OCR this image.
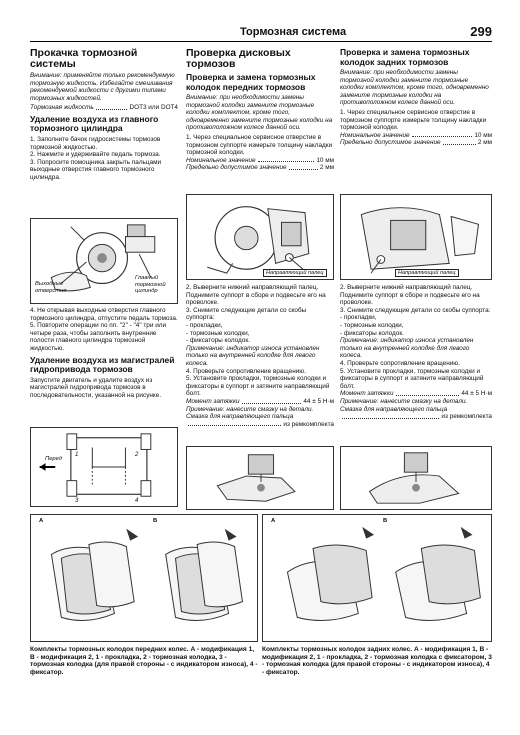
Тормозная система	299
Прокачка тормозной системы

Внимание: применяйте только рекомендуемую тормозную жидкость. Избегайте смешивания рекомендуемой жидкости с другими типами тормозных жидкостей.

Тормозная жидкость	DOT3 или DOT4
Удаление воздуха из главного тормозного цилиндра

1. Заполните бачок гидросистемы тормозов тормозной жидкостью.

2. Нажмите и удерживайте педаль тормоза.

3. Попросите помощника закрыть пальцами выходные отверстия главного тормозного цилиндра.

Выходные отверстия
Главный тормозной цилиндр

4. Не открывая выходные отверстия главного тормозного цилиндра, отпустите педаль тормоза.

5. Повторите операции по пп. "2" - "4" три или четыре раза, чтобы заполнить внутренние полости главного цилиндра тормозной жидкостью.

Удаление воздуха из магистралей гидропривода тормозов

Запустите двигатель и удалите воздух из магистралей гидропривода тормозов в последовательности, указанной на рисунке.

Перед
1	2
3	4
Проверка дисковых тормозов
Проверка и замена тормозных колодок передних тормозов

Внимание: при необходимости замены тормозной колодки замените тормозные колодки комплектом, кроме того, одновременно замените тормозные колодки на противоположном колесе данной оси.

1. Через специальное сервисное отверстие в тормозном суппорте измерьте толщину накладки тормозной колодки.

Номинальное значение	10 мм
Предельно допустимое значение	2 мм
Направляющий палец

2. Выверните нижний направляющий палец. Поднимите суппорт в сборе и подвесьте его на проволоке.

3. Снимите следующие детали со скобы суппорта:

- прокладки,

- тормозные колодки,

- фиксаторы колодок.

Примечание: индикатор износа установлен только на внутренней колодке для левого колеса.

4. Проверьте сопротивление вращению.

5. Установите прокладки, тормозные колодки и фиксаторы в суппорт и затяните направляющий болт.

Момент затяжки	44 ± 5 Н·м

Примечание: нанесите смазку на детали.

Смазка для направляющего пальца

из ремкомплекта
Проверка и замена тормозных колодок задних тормозов

Внимание: при необходимости замены тормозной колодки замените тормозные колодки комплектом, кроме того, одновременно замените тормозные колодки на противоположном колесе данной оси.

1. Через специальное сервисное отверстие в тормозном суппорте измерьте толщину накладки тормозной колодки.

Номинальное значение	10 мм
Предельно допустимое значение	2 мм
Направляющий палец

2. Выверните нижний направляющий палец. Поднимите суппорт в сборе и подвесьте его на проволоке.

3. Снимите следующие детали со скобы суппорта:

- прокладки,

- тормозные колодки,

- фиксаторы колодок.

Примечание: индикатор износа установлен только на внутренней колодке для левого колеса.

4. Проверьте сопротивление вращению.

5. Установите прокладки, тормозные колодки и фиксаторы в суппорт и затяните направляющий болт.

Момент затяжки	44 ± 5 Н·м

Примечание: нанесите смазку на детали.

Смазка для направляющего пальца

из ремкомплекта
A	B	A	B
Комплекты тормозных колодок передних колес. А - модификация 1, В - модификация 2, 1 - прокладка, 2 - тормозная колодка, 3 - тормозная колодка (для правой стороны - с индикатором износа), 4 - фиксатор.
Комплекты тормозных колодок задних колес. А - модификация 1, В - модификация 2, 1 - прокладка, 2 - тормозная колодка с фиксатором, 3 - тормозная колодка (для правой стороны - с индикатором износа), 4 - фиксатор.
